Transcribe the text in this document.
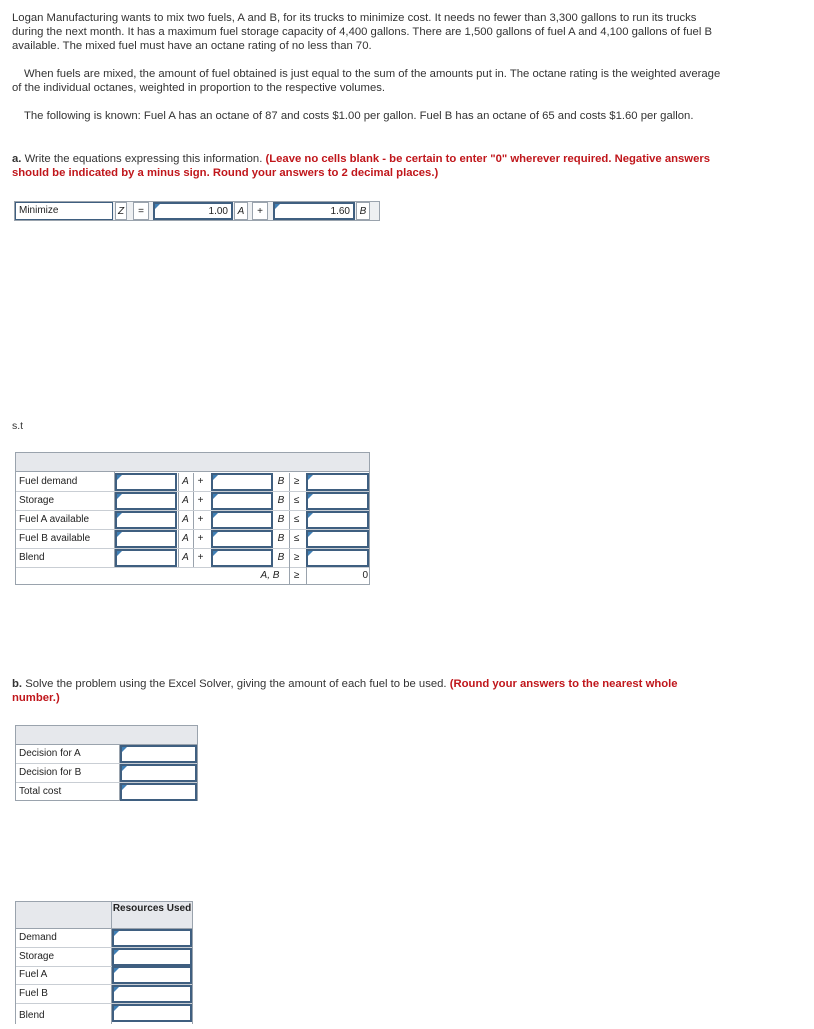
Logan Manufacturing wants to mix two fuels, A and B, for its trucks to minimize cost. It needs no fewer than 3,300 gallons to run its trucks during the next month. It has a maximum fuel storage capacity of 4,400 gallons. There are 1,500 gallons of fuel A and 4,100 gallons of fuel B available. The mixed fuel must have an octane rating of no less than 70.

When fuels are mixed, the amount of fuel obtained is just equal to the sum of the amounts put in. The octane rating is the weighted average of the individual octanes, weighted in proportion to the respective volumes.

The following is known: Fuel A has an octane of 87 and costs $1.00 per gallon. Fuel B has an octane of 65 and costs $1.60 per gallon.

a. Write the equations expressing this information. (Leave no cells blank - be certain to enter "0" wherever required. Negative answers should be indicated by a minus sign. Round your answers to 2 decimal places.)

Minimize	Z	=	1.00 A	+	1.60 B
s.t
Fuel demand	A +	B ≥
Storage	A +	B ≤
Fuel A available	A +	B ≤
Fuel B available	A +	B ≤
Blend	A +	B ≥
A, B	≥	0

b. Solve the problem using the Excel Solver, giving the amount of each fuel to be used. (Round your answers to the nearest whole number.)

Decision for A
Decision for B
Total cost
Resources Used
Demand
Storage
Fuel A
Fuel B
Blend
